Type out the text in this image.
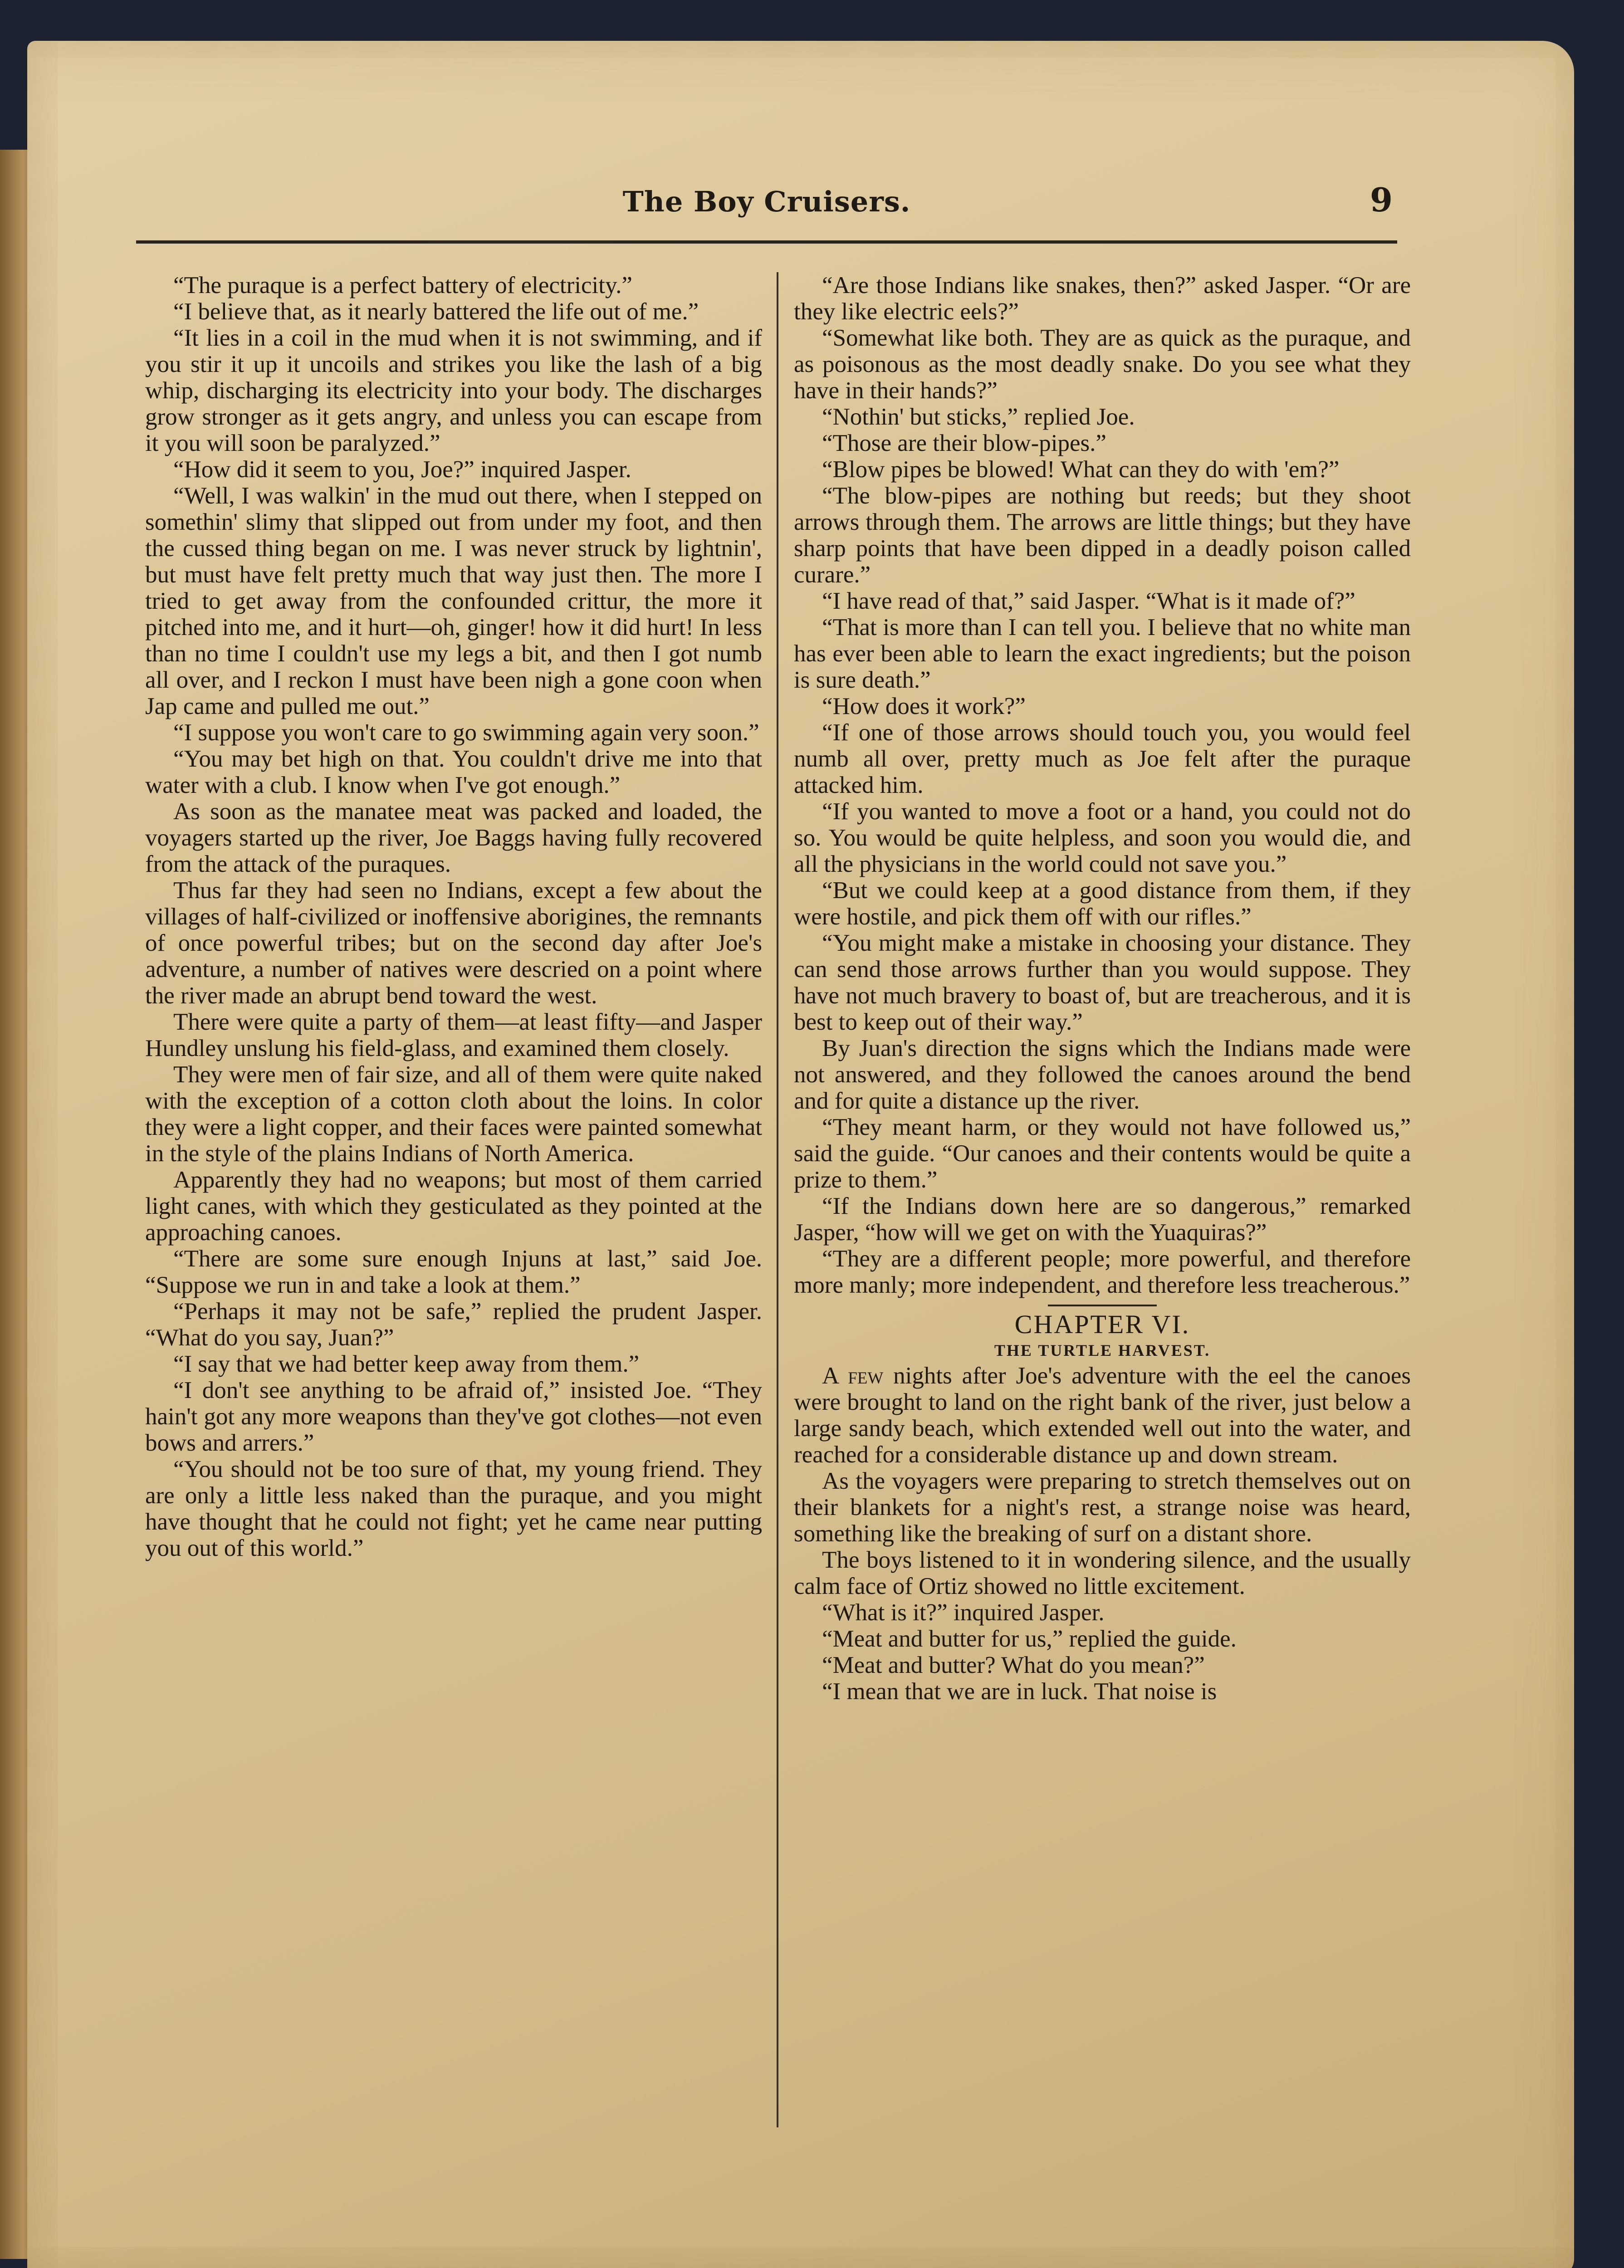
The Boy Cruisers.	9

“The puraque is a perfect battery of electricity.”

“I believe that, as it nearly battered the life out of me.”

“It lies in a coil in the mud when it is not swimming, and if you stir it up it uncoils and strikes you like the lash of a big whip, discharging its electricity into your body. The discharges grow stronger as it gets angry, and unless you can escape from it you will soon be paralyzed.”

“How did it seem to you, Joe?” inquired Jasper.

“Well, I was walkin' in the mud out there, when I stepped on somethin' slimy that slipped out from under my foot, and then the cussed thing began on me. I was never struck by lightnin', but must have felt pretty much that way just then. The more I tried to get away from the confounded crittur, the more it pitched into me, and it hurt—oh, ginger! how it did hurt! In less than no time I couldn't use my legs a bit, and then I got numb all over, and I reckon I must have been nigh a gone coon when Jap came and pulled me out.”

“I suppose you won't care to go swimming again very soon.”

“You may bet high on that. You couldn't drive me into that water with a club. I know when I've got enough.”

As soon as the manatee meat was packed and loaded, the voyagers started up the river, Joe Baggs having fully recovered from the attack of the puraques.

Thus far they had seen no Indians, except a few about the villages of half-civilized or inoffensive aborigines, the remnants of once powerful tribes; but on the second day after Joe's adventure, a number of natives were descried on a point where the river made an abrupt bend toward the west.

There were quite a party of them—at least fifty—and Jasper Hundley unslung his field-glass, and examined them closely.

They were men of fair size, and all of them were quite naked with the exception of a cotton cloth about the loins. In color they were a light copper, and their faces were painted somewhat in the style of the plains Indians of North America.

Apparently they had no weapons; but most of them carried light canes, with which they gesticulated as they pointed at the approaching canoes.

“There are some sure enough Injuns at last,” said Joe. “Suppose we run in and take a look at them.”

“Perhaps it may not be safe,” replied the prudent Jasper. “What do you say, Juan?”

“I say that we had better keep away from them.”

“I don't see anything to be afraid of,” insisted Joe. “They hain't got any more weapons than they've got clothes—not even bows and arrers.”

“You should not be too sure of that, my young friend. They are only a little less naked than the puraque, and you might have thought that he could not fight; yet he came near putting you out of this world.”

“Are those Indians like snakes, then?” asked Jasper. “Or are they like electric eels?”

“Somewhat like both. They are as quick as the puraque, and as poisonous as the most deadly snake. Do you see what they have in their hands?”

“Nothin' but sticks,” replied Joe.

“Those are their blow-pipes.”

“Blow pipes be blowed! What can they do with 'em?”

“The blow-pipes are nothing but reeds; but they shoot arrows through them. The arrows are little things; but they have sharp points that have been dipped in a deadly poison called curare.”

“I have read of that,” said Jasper. “What is it made of?”

“That is more than I can tell you. I believe that no white man has ever been able to learn the exact ingredients; but the poison is sure death.”

“How does it work?”

“If one of those arrows should touch you, you would feel numb all over, pretty much as Joe felt after the puraque attacked him.

“If you wanted to move a foot or a hand, you could not do so. You would be quite helpless, and soon you would die, and all the physicians in the world could not save you.”

“But we could keep at a good distance from them, if they were hostile, and pick them off with our rifles.”

“You might make a mistake in choosing your distance. They can send those arrows further than you would suppose. They have not much bravery to boast of, but are treacherous, and it is best to keep out of their way.”

By Juan's direction the signs which the Indians made were not answered, and they followed the canoes around the bend and for quite a distance up the river.

“They meant harm, or they would not have followed us,” said the guide. “Our canoes and their contents would be quite a prize to them.”

“If the Indians down here are so dangerous,” remarked Jasper, “how will we get on with the Yuaquiras?”

“They are a different people; more powerful, and therefore more manly; more independent, and therefore less treacherous.”

CHAPTER VI.
THE TURTLE HARVEST.

A few nights after Joe's adventure with the eel the canoes were brought to land on the right bank of the river, just below a large sandy beach, which extended well out into the water, and reached for a considerable distance up and down stream.

As the voyagers were preparing to stretch themselves out on their blankets for a night's rest, a strange noise was heard, something like the breaking of surf on a distant shore.

The boys listened to it in wondering silence, and the usually calm face of Ortiz showed no little excitement.

“What is it?” inquired Jasper.

“Meat and butter for us,” replied the guide.

“Meat and butter? What do you mean?”

“I mean that we are in luck. That noise is
